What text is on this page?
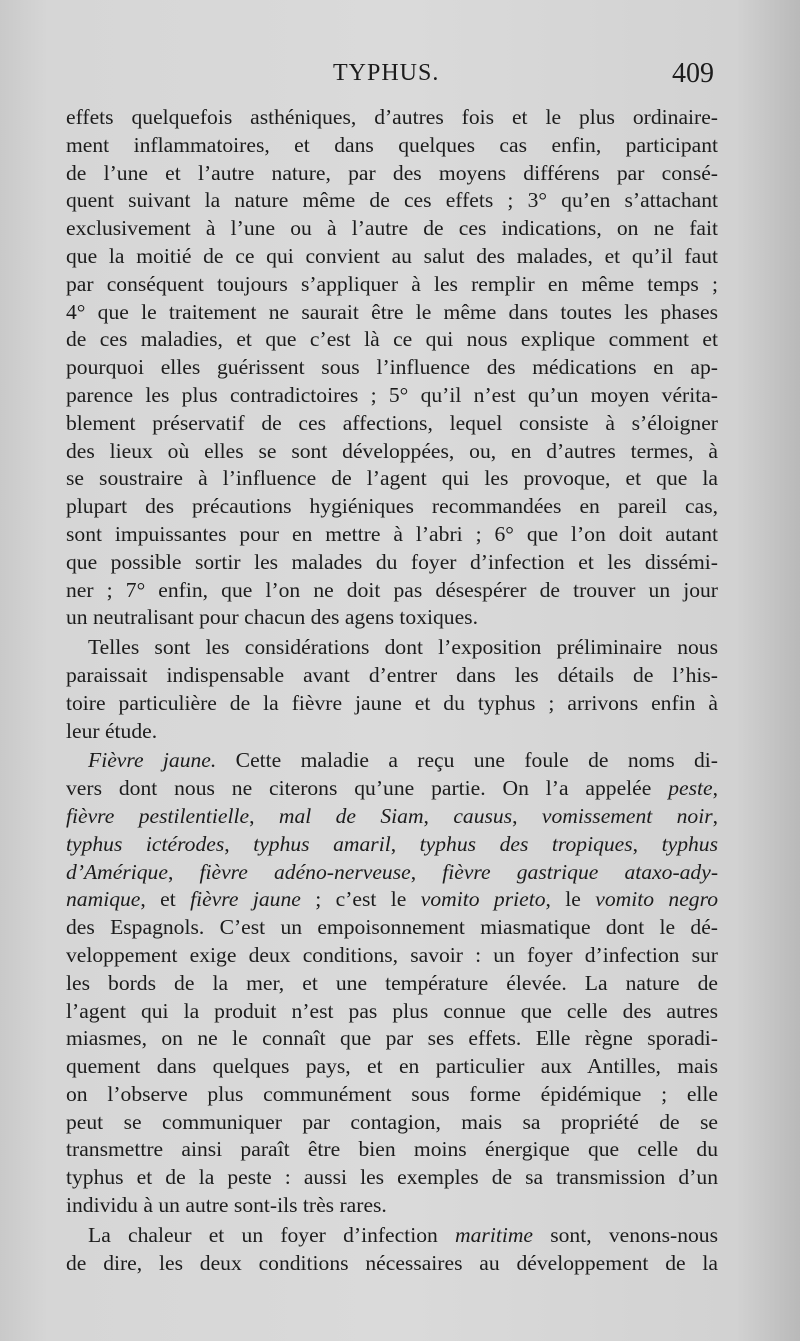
TYPHUS.	409

effets quelquefois asthéniques, d’autres fois et le plus ordinaire-
ment inflammatoires, et dans quelques cas enfin, participant
de l’une et l’autre nature, par des moyens différens par consé-
quent suivant la nature même de ces effets ; 3° qu’en s’attachant
exclusivement à l’une ou à l’autre de ces indications, on ne fait
que la moitié de ce qui convient au salut des malades, et qu’il faut
par conséquent toujours s’appliquer à les remplir en même temps ;
4° que le traitement ne saurait être le même dans toutes les phases
de ces maladies, et que c’est là ce qui nous explique comment et
pourquoi elles guérissent sous l’influence des médications en ap-
parence les plus contradictoires ; 5° qu’il n’est qu’un moyen vérita-
blement préservatif de ces affections, lequel consiste à s’éloigner
des lieux où elles se sont développées, ou, en d’autres termes, à
se soustraire à l’influence de l’agent qui les provoque, et que la
plupart des précautions hygiéniques recommandées en pareil cas,
sont impuissantes pour en mettre à l’abri ; 6° que l’on doit autant
que possible sortir les malades du foyer d’infection et les dissémi-
ner ; 7° enfin, que l’on ne doit pas désespérer de trouver un jour
un neutralisant pour chacun des agens toxiques.

Telles sont les considérations dont l’exposition préliminaire nous
paraissait indispensable avant d’entrer dans les détails de l’his-
toire particulière de la fièvre jaune et du typhus ; arrivons enfin à
leur étude.

Fièvre jaune. Cette maladie a reçu une foule de noms di-
vers dont nous ne citerons qu’une partie. On l’a appelée peste,
fièvre pestilentielle, mal de Siam, causus, vomissement noir,
typhus ictérodes, typhus amaril, typhus des tropiques, typhus
d’Amérique, fièvre adéno-nerveuse, fièvre gastrique ataxo-ady-
namique, et fièvre jaune ; c’est le vomito prieto, le vomito negro
des Espagnols. C’est un empoisonnement miasmatique dont le dé-
veloppement exige deux conditions, savoir : un foyer d’infection sur
les bords de la mer, et une température élevée. La nature de
l’agent qui la produit n’est pas plus connue que celle des autres
miasmes, on ne le connaît que par ses effets. Elle règne sporadi-
quement dans quelques pays, et en particulier aux Antilles, mais
on l’observe plus communément sous forme épidémique ; elle
peut se communiquer par contagion, mais sa propriété de se
transmettre ainsi paraît être bien moins énergique que celle du
typhus et de la peste : aussi les exemples de sa transmission d’un
individu à un autre sont-ils très rares.

La chaleur et un foyer d’infection maritime sont, venons-nous
de dire, les deux conditions nécessaires au développement de la
